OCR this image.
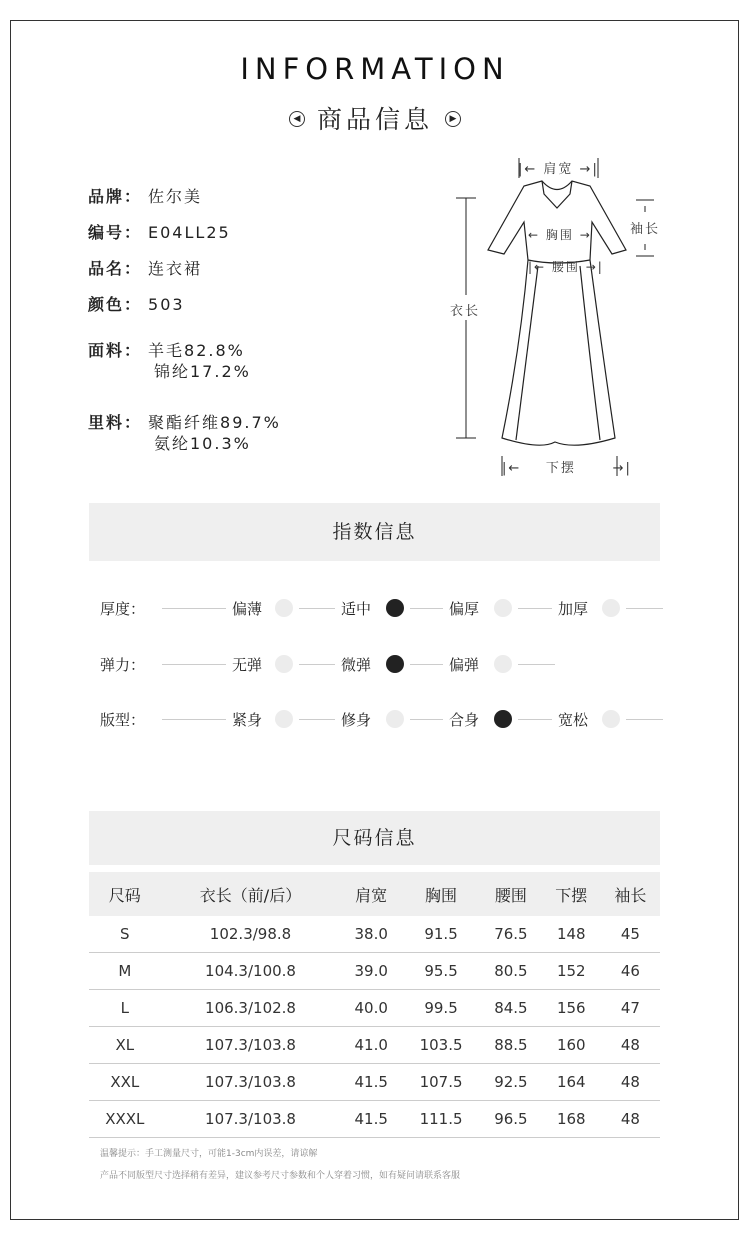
INFORMATION
◀ 商品信息 ▶
品牌： 佐尔美
编号： E04LL25
品名： 连衣裙
颜色： 503
面料： 羊毛82.8%
锦纶17.2%
里料： 聚酯纤维89.7%
氨纶10.3%
|← 肩宽 →|
袖长
← 胸围 →
|← 腰围 →|
衣长
|←    下摆      →|
指数信息
厚度：	偏薄	适中	偏厚	加厚
弹力：	无弹	微弹	偏弹
版型：	紧身	修身	合身	宽松
尺码信息
尺码	衣长（前/后）	肩宽	胸围	腰围	下摆	袖长
S	102.3/98.8	38.0	91.5	76.5	148	45
M	104.3/100.8	39.0	95.5	80.5	152	46
L	106.3/102.8	40.0	99.5	84.5	156	47
XL	107.3/103.8	41.0	103.5	88.5	160	48
XXL	107.3/103.8	41.5	107.5	92.5	164	48
XXXL	107.3/103.8	41.5	111.5	96.5	168	48
温馨提示：手工测量尺寸，可能1-3cm内误差，请谅解
产品不同版型尺寸选择稍有差异，建议参考尺寸参数和个人穿着习惯，如有疑问请联系客服
